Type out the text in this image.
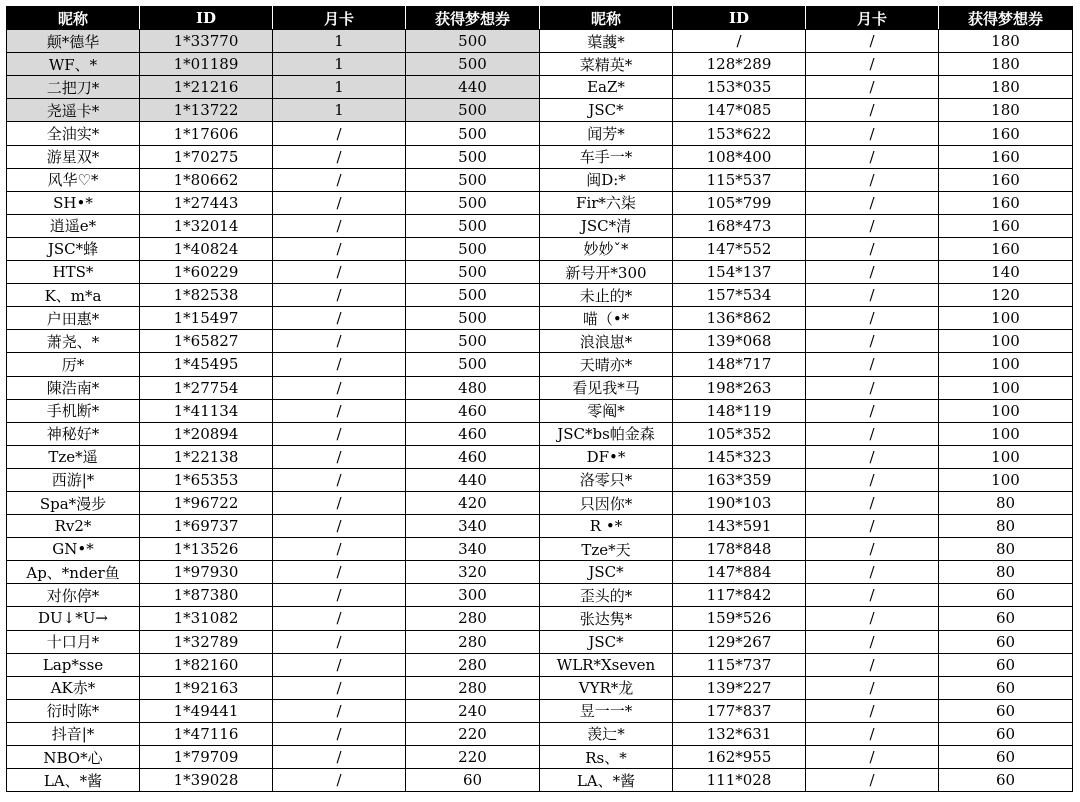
昵称	ID	月卡	获得梦想券	昵称	ID	月卡	获得梦想券
颠*德华	1*33770	1	500	蕖䕶*	/	/	180
WF、*	1*01189	1	500	菜精英*	128*289	/	180
二把刀*	1*21216	1	440	EaZ*	153*035	/	180
尧遥卡*	1*13722	1	500	JSC*	147*085	/	180
全油实*	1*17606	/	500	闻芳*	153*622	/	160
游星双*	1*70275	/	500	车手一*	108*400	/	160
风华♡*	1*80662	/	500	闽D:*	115*537	/	160
SH•*	1*27443	/	500	Fir*六柒	105*799	/	160
逍遥e*	1*32014	/	500	JSC*清	168*473	/	160
JSC*蜂	1*40824	/	500	妙妙ˇ*	147*552	/	160
HTS*	1*60229	/	500	新号开*300	154*137	/	140
K、m*a	1*82538	/	500	未止的*	157*534	/	120
户田惠*	1*15497	/	500	喵（•*	136*862	/	100
萧尧、*	1*65827	/	500	浪浪崽*	139*068	/	100
厉*	1*45495	/	500	天晴亦*	148*717	/	100
陳浩南*	1*27754	/	480	看见我*马	198*263	/	100
手机断*	1*41134	/	460	零阄*	148*119	/	100
神秘好*	1*20894	/	460	JSC*bs帕金森	105*352	/	100
Tze*遥	1*22138	/	460	DF•*	145*323	/	100
西游|*	1*65353	/	440	洛零只*	163*359	/	100
Spa*漫步	1*96722	/	420	只因你*	190*103	/	80
Rv2*	1*69737	/	340	R •*	143*591	/	80
GN•*	1*13526	/	340	Tze*天	178*848	/	80
Ap、*nder鱼	1*97930	/	320	JSC*	147*884	/	80
对你停*	1*87380	/	300	歪头的*	117*842	/	60
DU↓*U→	1*31082	/	280	张达隽*	159*526	/	60
十口月*	1*32789	/	280	JSC*	129*267	/	60
Lap*sse	1*82160	/	280	WLR*Xseven	115*737	/	60
AK赤*	1*92163	/	280	VYR*龙	139*227	/	60
衍时陈*	1*49441	/	240	昱一一*	177*837	/	60
抖音|*	1*47116	/	220	羡辷*	132*631	/	60
NBO*心	1*79709	/	220	Rs、*	162*955	/	60
LA、*酱	1*39028	/	60	LA、*酱	111*028	/	60
